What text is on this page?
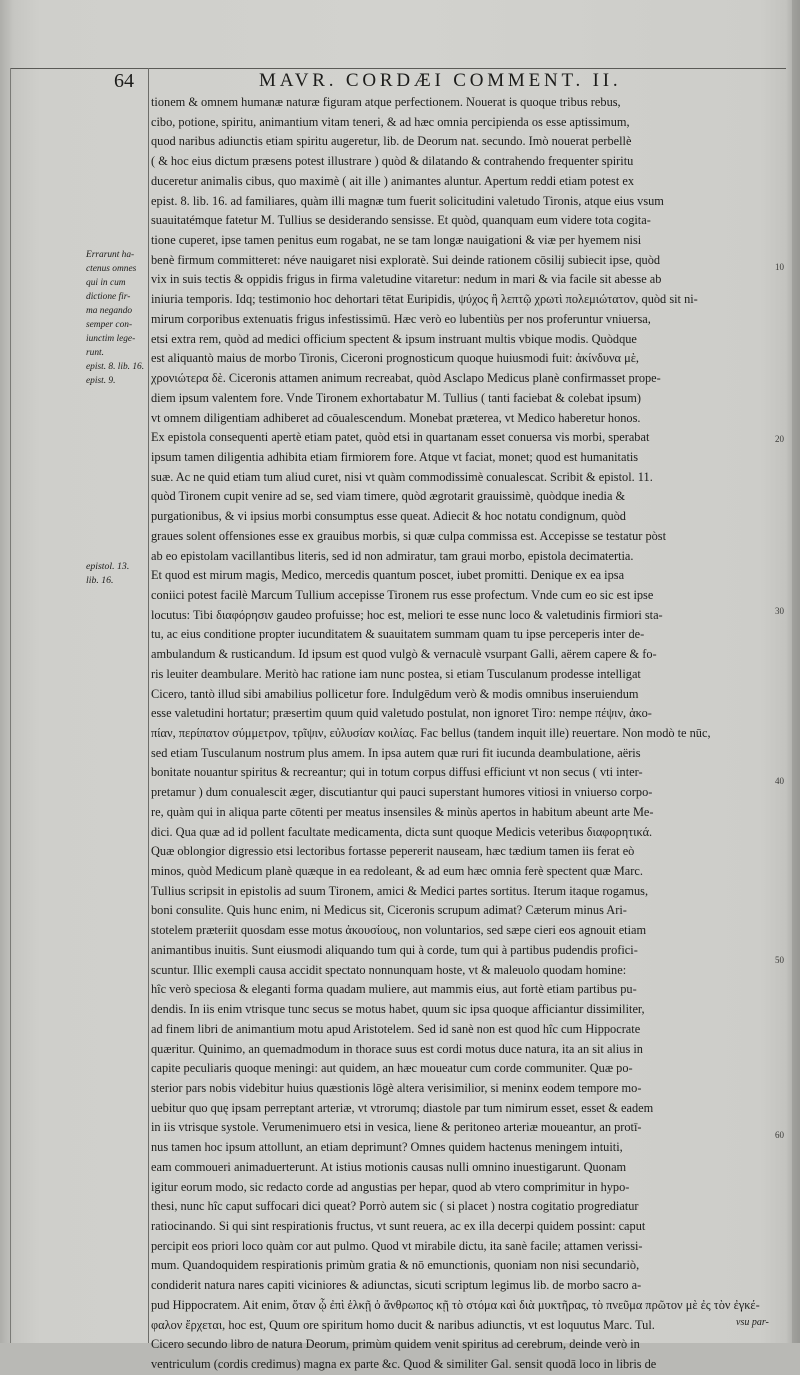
64	MAVR. CORDÆI COMMENT. II.
Errarunt ha-
ctenus omnes
qui in cum
dictione fir-
ma negando
semper con-
iunctim lege-
runt.
epist. 8. lib. 16.
epist. 9.
epistol. 13.
lib. 16.
tionem & omnem humanæ naturæ figuram atque perfectionem. Nouerat is quoque tribus rebus,
cibo, potione, spiritu, animantium vitam teneri, & ad hæc omnia percipienda os esse aptissimum,
quod naribus adiunctis etiam spiritu augeretur, lib. de Deorum nat. secundo. Imò nouerat perbellè
( & hoc eius dictum præsens potest illustrare ) quòd & dilatando & contrahendo frequenter spiritu
duceretur animalis cibus, quo maximè ( ait ille ) animantes aluntur. Apertum reddi etiam potest ex
epist. 8. lib. 16. ad familiares, quàm illi magnæ tum fuerit solicitudini valetudo Tironis, atque eius vsum
suauitatémque fatetur M. Tullius se desiderando sensisse. Et quòd, quanquam eum videre tota cogita-
tione cuperet, ipse tamen penitus eum rogabat, ne se tam longæ nauigationi & viæ per hyemem nisi
benè firmum committeret: néve nauigaret nisi exploratè. Sui deinde rationem cōsilij subiecit ipse, quòd
vix in suis tectis & oppidis frigus in firma valetudine vitaretur: nedum in mari & via facile sit abesse ab
iniuria temporis. Idq; testimonio hoc dehortari tētat Euripidis, ψύχος ἢ λεπτῷ χρωτὶ πολεμιώτατον, quòd sit ni-
mirum corporibus extenuatis frigus infestissimū. Hæc verò eo lubentiùs per nos proferuntur vniuersa,
etsi extra rem, quòd ad medici officium spectent & ipsum instruant multis vbique modis. Quòdque
est aliquantò maius de morbo Tironis, Ciceroni prognosticum quoque huiusmodi fuit: ἀκίνδυνα μὲ,
χρονιώτερα δὲ. Ciceronis attamen animum recreabat, quòd Asclapo Medicus planè confirmasset prope-
diem ipsum valentem fore. Vnde Tironem exhortabatur M. Tullius ( tanti faciebat & colebat ipsum)
vt omnem diligentiam adhiberet ad cōualescendum. Monebat præterea, vt Medico haberetur honos.
Ex epistola consequenti apertè etiam patet, quòd etsi in quartanam esset conuersa vis morbi, sperabat
ipsum tamen diligentia adhibita etiam firmiorem fore. Atque vt faciat, monet; quod est humanitatis
suæ. Ac ne quid etiam tum aliud curet, nisi vt quàm commodissimè conualescat. Scribit & epistol. 11.
quòd Tironem cupit venire ad se, sed viam timere, quòd ægrotarit grauissimè, quòdque inedia &
purgationibus, & vi ipsius morbi consumptus esse queat. Adiecit & hoc notatu condignum, quòd
graues solent offensiones esse ex grauibus morbis, si quæ culpa commissa est. Accepisse se testatur pòst
ab eo epistolam vacillantibus literis, sed id non admiratur, tam graui morbo, epistola decimatertia.
Et quod est mirum magis, Medico, mercedis quantum poscet, iubet promitti. Denique ex ea ipsa
coniici potest facilè Marcum Tullium accepisse Tironem rus esse profectum. Vnde cum eo sic est ipse
locutus: Tibi διαφόρησιν gaudeo profuisse; hoc est, meliori te esse nunc loco & valetudinis firmiori sta-
tu, ac eius conditione propter iucunditatem & suauitatem summam quam tu ipse perceperis inter de-
ambulandum & rusticandum. Id ipsum est quod vulgò & vernaculè vsurpant Galli, aërem capere & fo-
ris leuiter deambulare. Meritò hac ratione iam nunc postea, si etiam Tusculanum prodesse intelligat
Cicero, tantò illud sibi amabilius pollicetur fore. Indulgēdum verò & modis omnibus inseruiendum
esse valetudini hortatur; præsertim quum quid valetudo postulat, non ignoret Tiro: nempe πέψιν, ἀκο-
πίαν, περίπατον σύμμετρον, τρῖψιν, εὐλυσίαν κοιλίας. Fac bellus (tandem inquit ille) reuertare. Non modò te nūc,
sed etiam Tusculanum nostrum plus amem. In ipsa autem quæ ruri fit iucunda deambulatione, aëris
bonitate nouantur spiritus & recreantur; qui in totum corpus diffusi efficiunt vt non secus ( vti inter-
pretamur ) dum conualescit æger, discutiantur qui pauci superstant humores vitiosi in vniuerso corpo-
re, quàm qui in aliqua parte cōtenti per meatus insensiles & minùs apertos in habitum abeunt arte Me-
dici. Qua quæ ad id pollent facultate medicamenta, dicta sunt quoque Medicis veteribus διαφορητικά.
Quæ oblongior digressio etsi lectoribus fortasse pepererit nauseam, hæc tædium tamen iis ferat eò
minos, quòd Medicum planè quæque in ea redoleant, & ad eum hæc omnia ferè spectent quæ Marc.
Tullius scripsit in epistolis ad suum Tironem, amici & Medici partes sortitus. Iterum itaque rogamus,
boni consulite. Quis hunc enim, ni Medicus sit, Ciceronis scrupum adimat? Cæterum minus Ari-
stotelem præteriit quosdam esse motus ἀκουσίους, non voluntarios, sed sæpe cieri eos agnouit etiam
animantibus inuitis. Sunt eiusmodi aliquando tum qui à corde, tum qui à partibus pudendis profici-
scuntur. Illic exempli causa accidit spectato nonnunquam hoste, vt & maleuolo quodam homine:
hîc verò speciosa & eleganti forma quadam muliere, aut mammis eius, aut fortè etiam partibus pu-
dendis. In iis enim vtrisque tunc secus se motus habet, quum sic ipsa quoque afficiantur dissimiliter,
ad finem libri de animantium motu apud Aristotelem. Sed id sanè non est quod hîc cum Hippocrate
quæritur. Quinimo, an quemadmodum in thorace suus est cordi motus duce natura, ita an sit alius in
capite peculiaris quoque meningi: aut quidem, an hæc moueatur cum corde communiter. Quæ po-
sterior pars nobis videbitur huius quæstionis lōgè altera verisimilior, si meninx eodem tempore mo-
uebitur quo quę ipsam perreptant arteriæ, vt vtrorumq; diastole par tum nimirum esset, esset & eadem
in iis vtrisque systole. Verumenimuero etsi in vesica, liene & peritoneo arteriæ moueantur, an protī-
nus tamen hoc ipsum attollunt, an etiam deprimunt? Omnes quidem hactenus meningem intuiti,
eam commoueri animaduerterunt. At istius motionis causas nulli omnino inuestigarunt. Quonam
igitur eorum modo, sic redacto corde ad angustias per hepar, quod ab vtero comprimitur in hypo-
thesi, nunc hîc caput suffocari dici queat? Porrò autem sic ( si placet ) nostra cogitatio progrediatur
ratiocinando. Si qui sint respirationis fructus, vt sunt reuera, ac ex illa decerpi quidem possint: caput
percipit eos priori loco quàm cor aut pulmo. Quod vt mirabile dictu, ita sanè facile; attamen verissi-
mum. Quandoquidem respirationis primùm gratia & nō emunctionis, quoniam non nisi secundariò,
condiderit natura nares capiti viciniores & adiunctas, sicuti scriptum legimus lib. de morbo sacro a-
pud Hippocratem. Ait enim, ὅταν ᾧ ἐπὶ ἑλκῇ ὁ ἄνθρωπος κῇ τὸ στόμα καὶ διὰ μυκτῆρας, τὸ πνεῦμα πρῶτον μὲ ἐς τὸν ἐγκέ-
φαλον ἔρχεται, hoc est, Quum ore spiritum homo ducit & naribus adiunctis, vt est loquutus Marc. Tul.
Cicero secundo libro de natura Deorum, primùm quidem venit spiritus ad cerebrum, deinde verò in
ventriculum (cordis credimus) magna ex parte &c. Quod & similiter Gal. sensit quodā loco in libris de
10
20
30
40
50
60
vsu par-
